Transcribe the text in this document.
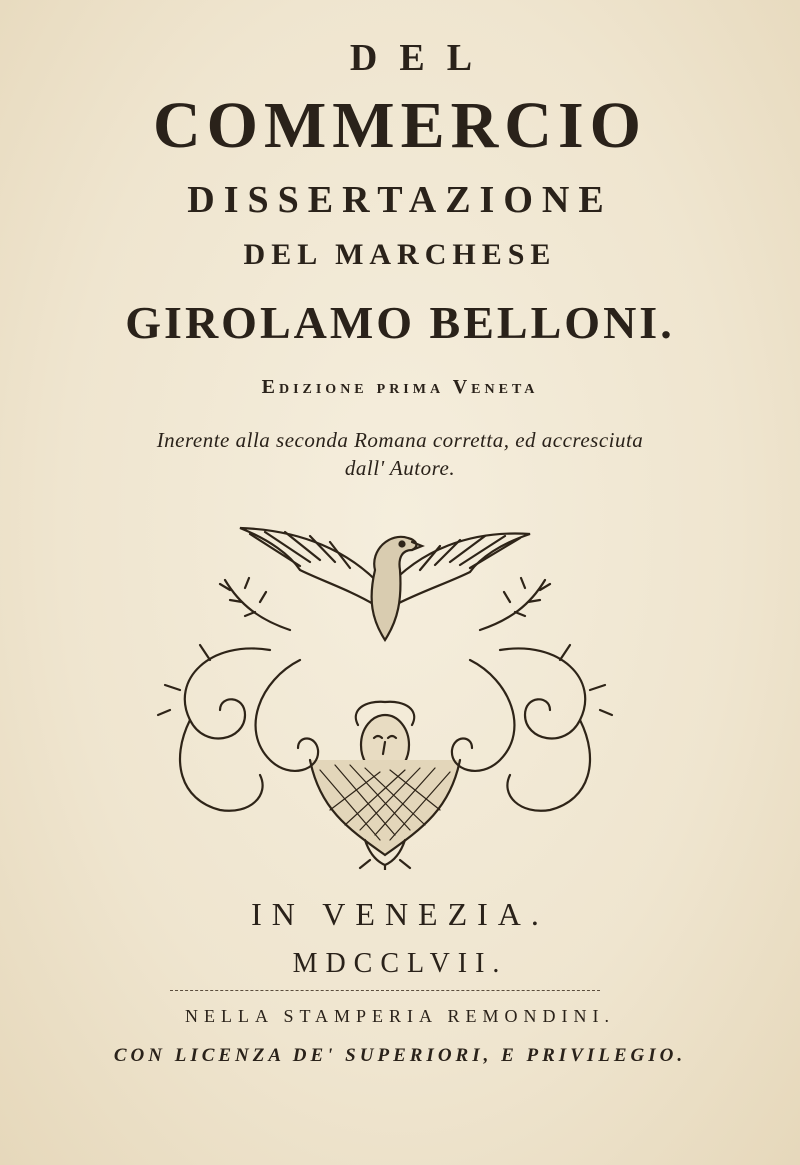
DEL
COMMERCIO
DISSERTAZIONE
DEL MARCHESE
GIROLAMO BELLONI.
Edizione prima Veneta
Inerente alla seconda Romana corretta, ed accresciuta
dall' Autore.
IN VENEZIA.
MDCCLVII.
NELLA STAMPERIA REMONDINI.
CON LICENZA DE' SUPERIORI, E PRIVILEGIO.
